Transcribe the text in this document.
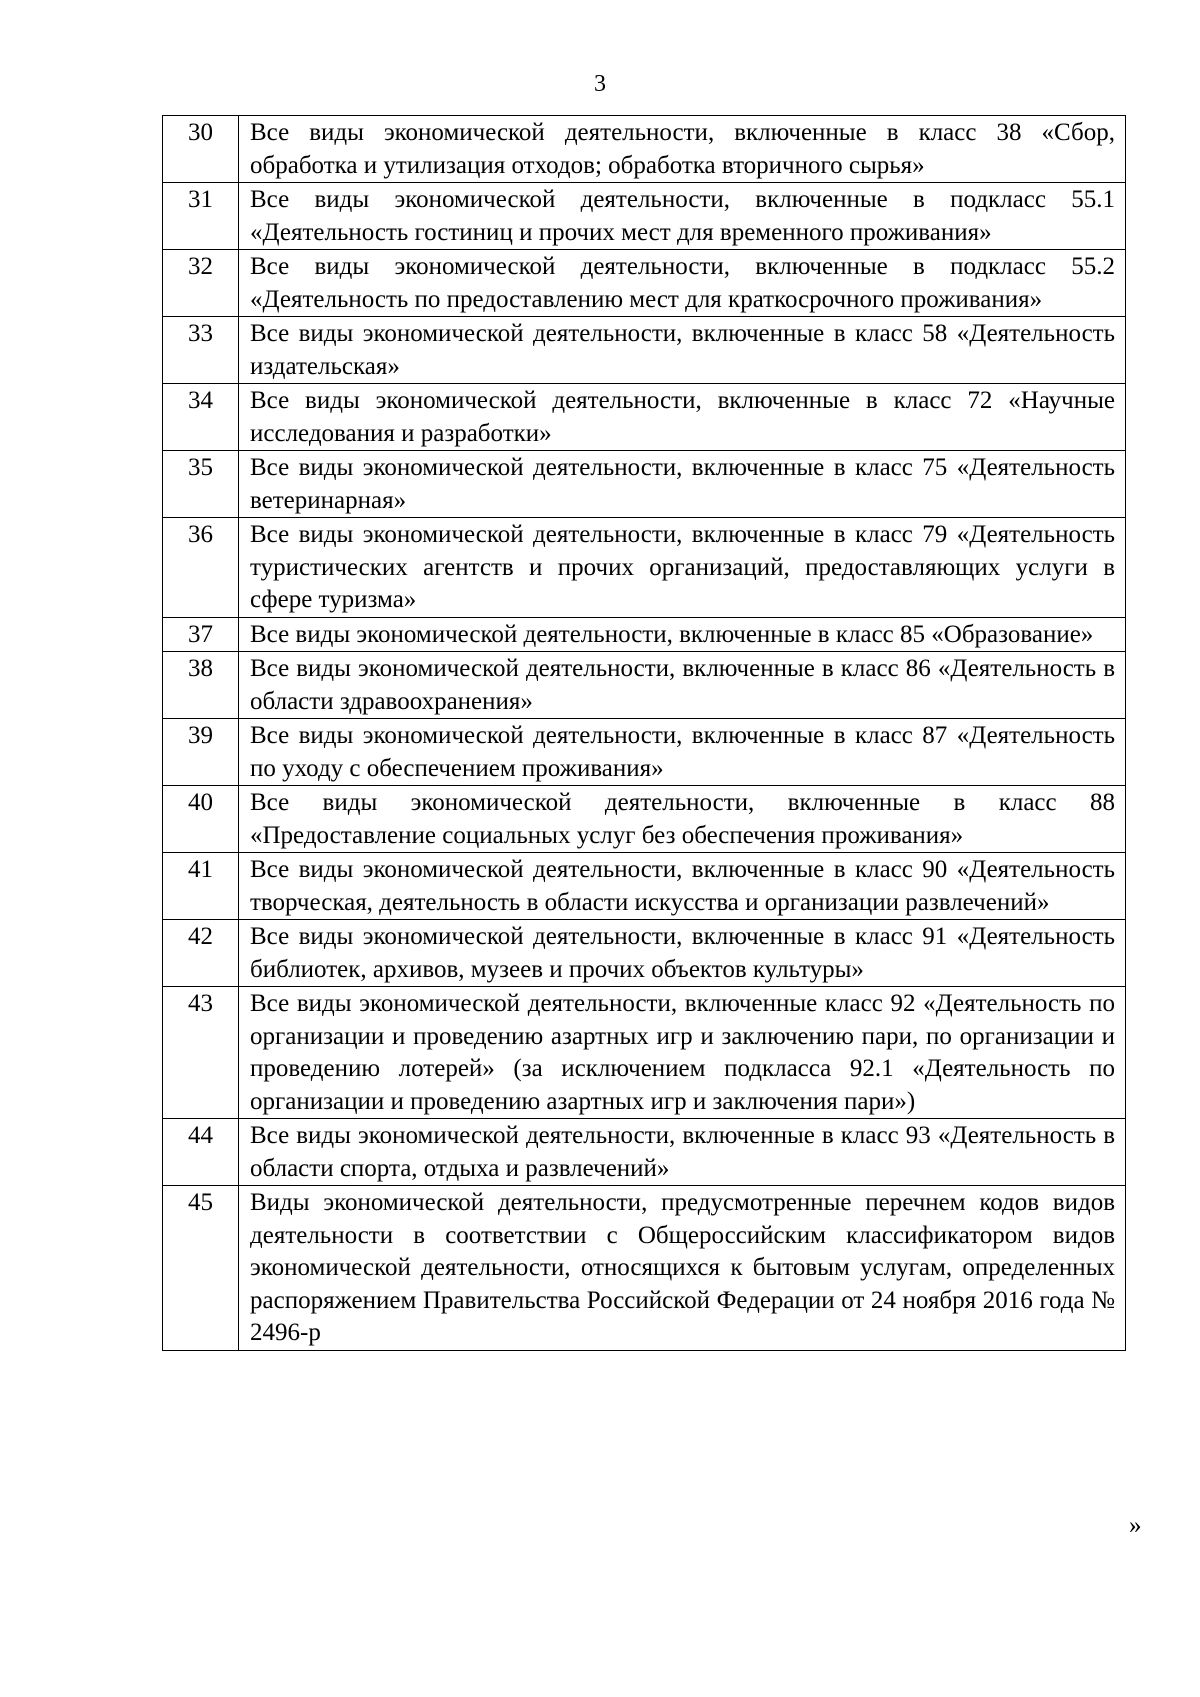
3
30	Все виды экономической деятельности, включенные в класс 38 «Сбор, обработка и утилизация отходов; обработка вторичного сырья»
31	Все виды экономической деятельности, включенные в подкласс 55.1 «Деятельность гостиниц и прочих мест для временного проживания»
32	Все виды экономической деятельности, включенные в подкласс 55.2 «Деятельность по предоставлению мест для краткосрочного проживания»
33	Все виды экономической деятельности, включенные в класс 58 «Деятельность издательская»
34	Все виды экономической деятельности, включенные в класс 72 «Научные исследования и разработки»
35	Все виды экономической деятельности, включенные в класс 75 «Деятельность ветеринарная»
36	Все виды экономической деятельности, включенные в класс 79 «Деятельность туристических агентств и прочих организаций, предоставляющих услуги в сфере туризма»
37	Все виды экономической деятельности, включенные в класс 85 «Образование»
38	Все виды экономической деятельности, включенные в класс 86 «Деятельность в области здравоохранения»
39	Все виды экономической деятельности, включенные в класс 87 «Деятельность по уходу с обеспечением проживания»
40	Все виды экономической деятельности, включенные в класс 88 «Предоставление социальных услуг без обеспечения проживания»
41	Все виды экономической деятельности, включенные в класс 90 «Деятельность творческая, деятельность в области искусства и организации развлечений»
42	Все виды экономической деятельности, включенные в класс 91 «Деятельность библиотек, архивов, музеев и прочих объектов культуры»
43	Все виды экономической деятельности, включенные класс 92 «Деятельность по организации и проведению азартных игр и заключению пари, по организации и проведению лотерей» (за исключением подкласса 92.1 «Деятельность по организации и проведению азартных игр и заключения пари»)
44	Все виды экономической деятельности, включенные в класс 93 «Деятельность в области спорта, отдыха и развлечений»
45	Виды экономической деятельности, предусмотренные перечнем кодов видов деятельности в соответствии с Общероссийским классификатором видов экономической деятельности, относящихся к бытовым услугам, определенных распоряжением Правительства Российской Федерации от 24 ноября 2016 года № 2496-р
»
